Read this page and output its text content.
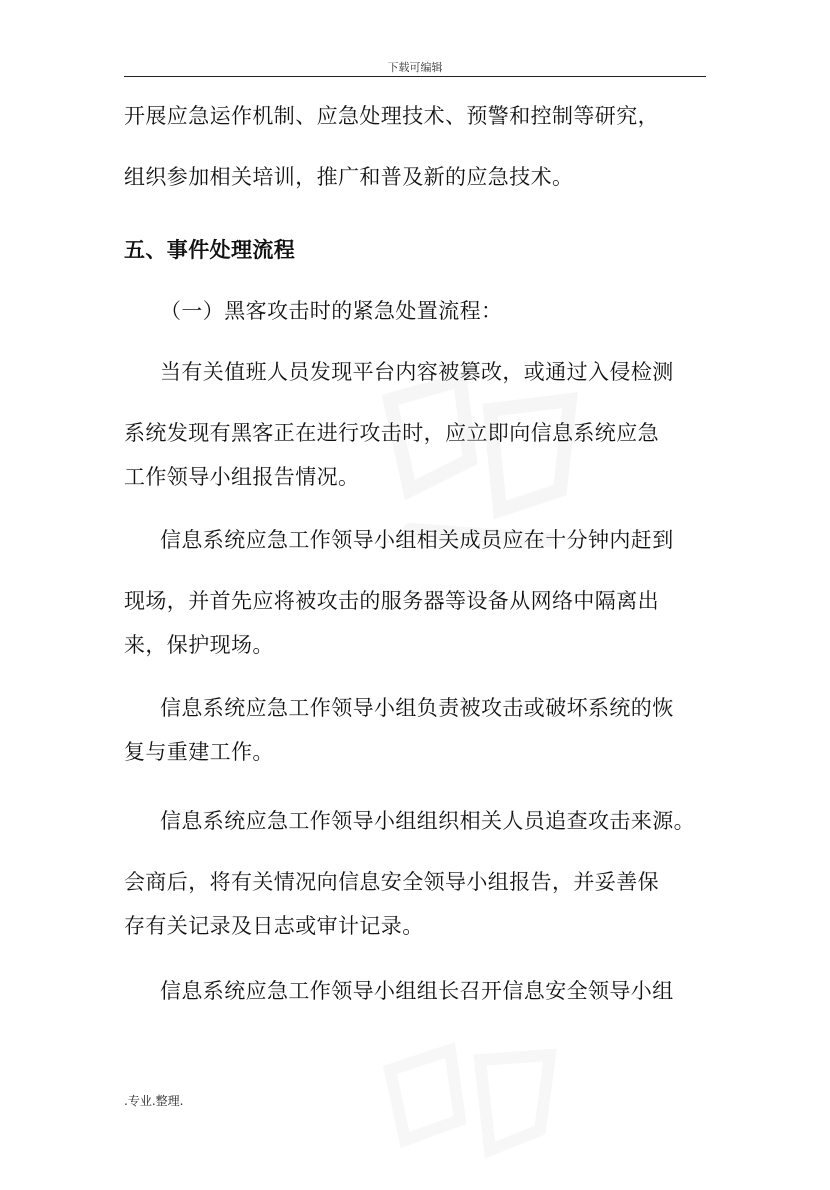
下载可编辑

开展应急运作机制、应急处理技术、预警和控制等研究，

组织参加相关培训，推广和普及新的应急技术。

五、事件处理流程

（一）黑客攻击时的紧急处置流程：

当有关值班人员发现平台内容被篡改，或通过入侵检测

系统发现有黑客正在进行攻击时，应立即向信息系统应急

工作领导小组报告情况。

信息系统应急工作领导小组相关成员应在十分钟内赶到

现场，并首先应将被攻击的服务器等设备从网络中隔离出

来，保护现场。

信息系统应急工作领导小组负责被攻击或破坏系统的恢

复与重建工作。

信息系统应急工作领导小组组织相关人员追查攻击来源。

会商后，将有关情况向信息安全领导小组报告，并妥善保

存有关记录及日志或审计记录。

信息系统应急工作领导小组组长召开信息安全领导小组

.专业.整理.
